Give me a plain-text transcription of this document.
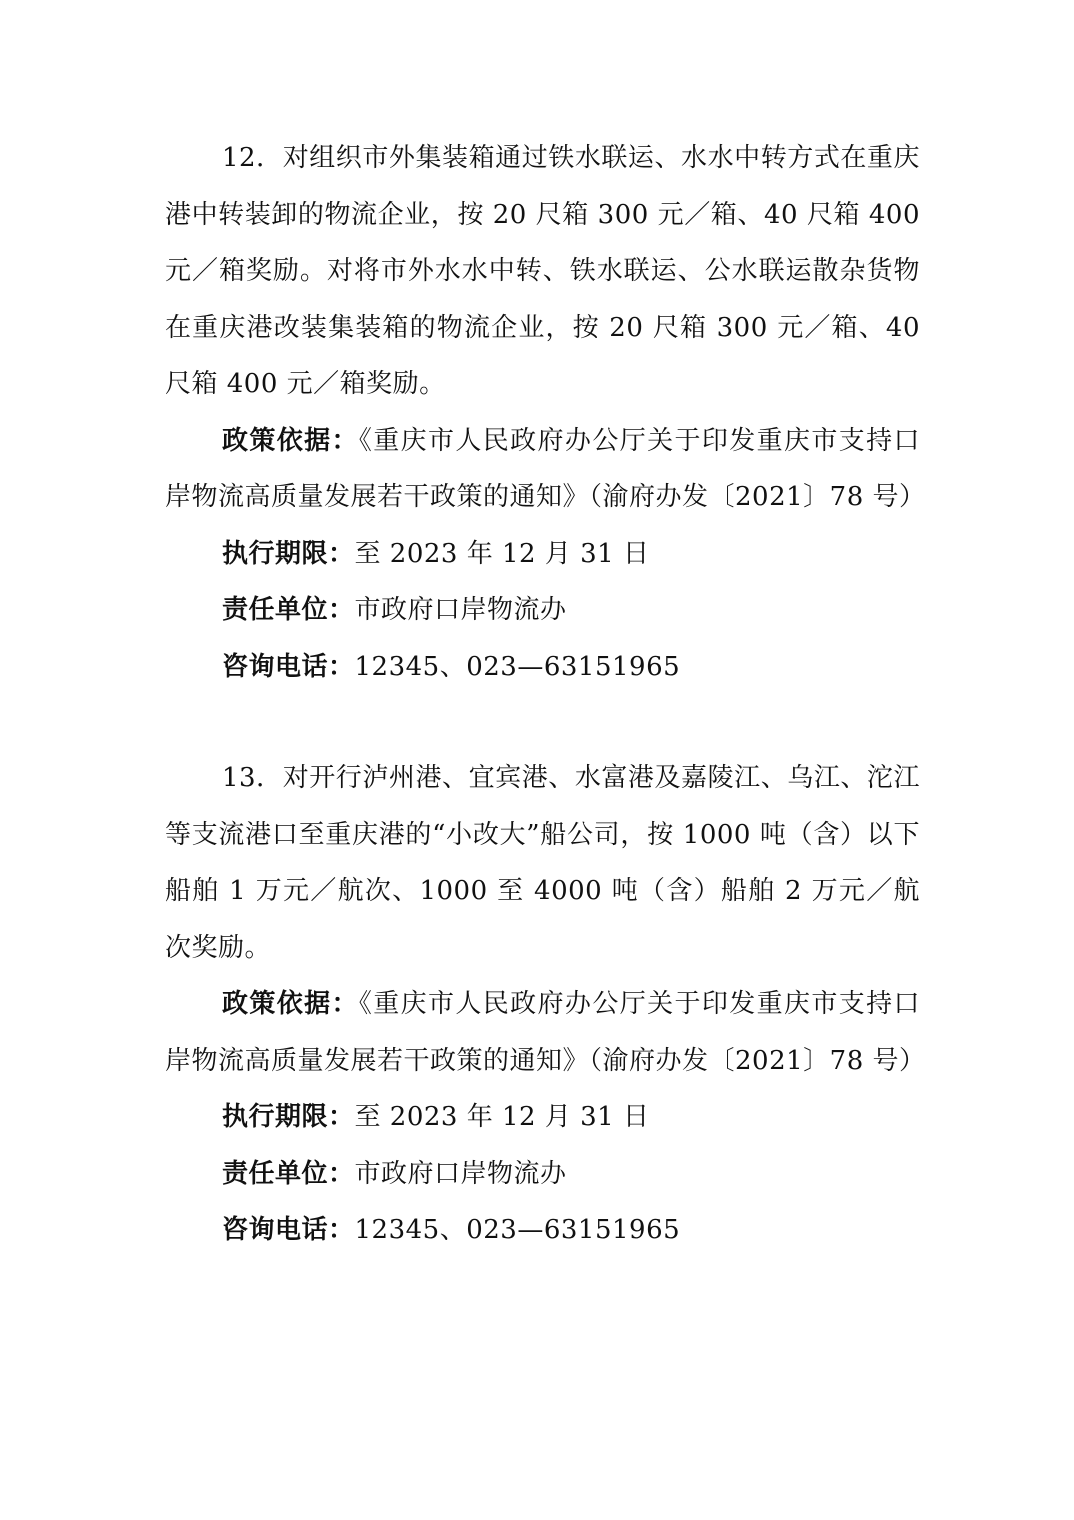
12．对组织市外集装箱通过铁水联运、水水中转方式在重庆港中转装卸的物流企业，按 20 尺箱 300 元／箱、40 尺箱 400 元／箱奖励。对将市外水水中转、铁水联运、公水联运散杂货物在重庆港改装集装箱的物流企业，按 20 尺箱 300 元／箱、40 尺箱 400 元／箱奖励。

政策依据：《重庆市人民政府办公厅关于印发重庆市支持口岸物流高质量发展若干政策的通知》（渝府办发〔2021〕78 号）

执行期限：至 2023 年 12 月 31 日

责任单位：市政府口岸物流办

咨询电话：12345、023—63151965

13．对开行泸州港、宜宾港、水富港及嘉陵江、乌江、沱江等支流港口至重庆港的“小改大”船公司，按 1000 吨（含）以下船舶 1 万元／航次、1000 至 4000 吨（含）船舶 2 万元／航次奖励。

政策依据：《重庆市人民政府办公厅关于印发重庆市支持口岸物流高质量发展若干政策的通知》（渝府办发〔2021〕78 号）

执行期限：至 2023 年 12 月 31 日

责任单位：市政府口岸物流办

咨询电话：12345、023—63151965
